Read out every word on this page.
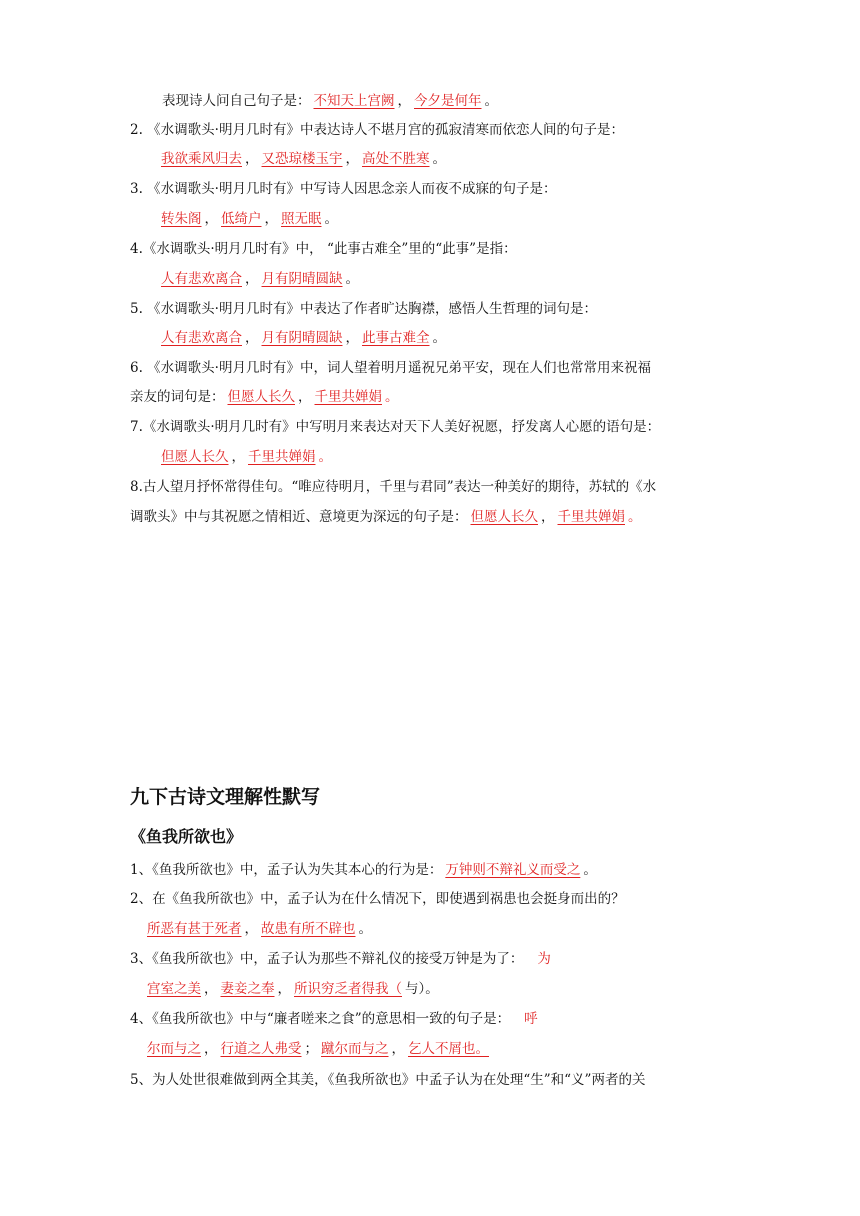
表现诗人问自己句子是： 不知天上宫阙 ， 今夕是何年 。
2. 《水调歌头·明月几时有》中表达诗人不堪月宫的孤寂清寒而依恋人间的句子是：
我欲乘风归去 ， 又恐琼楼玉宇 ， 高处不胜寒 。
3. 《水调歌头·明月几时有》中写诗人因思念亲人而夜不成寐的句子是：
转朱阁 ， 低绮户 ， 照无眠 。
4.《水调歌头·明月几时有》中， “此事古难全”里的“此事”是指：
人有悲欢离合 ， 月有阴晴圆缺 。
5. 《水调歌头·明月几时有》中表达了作者旷达胸襟，感悟人生哲理的词句是：
人有悲欢离合 ， 月有阴晴圆缺 ， 此事古难全 。
6. 《水调歌头·明月几时有》中，词人望着明月遥祝兄弟平安，现在人们也常常用来祝福
亲友的词句是： 但愿人长久 ， 千里共婵娟 。
7.《水调歌头·明月几时有》中写明月来表达对天下人美好祝愿，抒发离人心愿的语句是：
但愿人长久 ， 千里共婵娟 。
8.古人望月抒怀常得佳句。“唯应待明月，千里与君同”表达一种美好的期待，苏轼的《水
调歌头》中与其祝愿之情相近、意境更为深远的句子是： 但愿人长久 ， 千里共婵娟 。
九下古诗文理解性默写
《鱼我所欲也》
1、《鱼我所欲也》中，孟子认为失其本心的行为是： 万钟则不辩礼义而受之 。
2、在《鱼我所欲也》中，孟子认为在什么情况下，即使遇到祸患也会挺身而出的？
所恶有甚于死者 ， 故患有所不辟也 。
3、《鱼我所欲也》中，孟子认为那些不辩礼仪的接受万钟是为了： 为
宫室之美 ， 妻妾之奉 ， 所识穷乏者得我（ 与）。
4、《鱼我所欲也》中与“廉者嗟来之食”的意思相一致的句子是： 呼
尔而与之 ， 行道之人弗受 ； 蹴尔而与之 ， 乞人不屑也。
5、为人处世很难做到两全其美，《鱼我所欲也》中孟子认为在处理“生”和“义”两者的关
